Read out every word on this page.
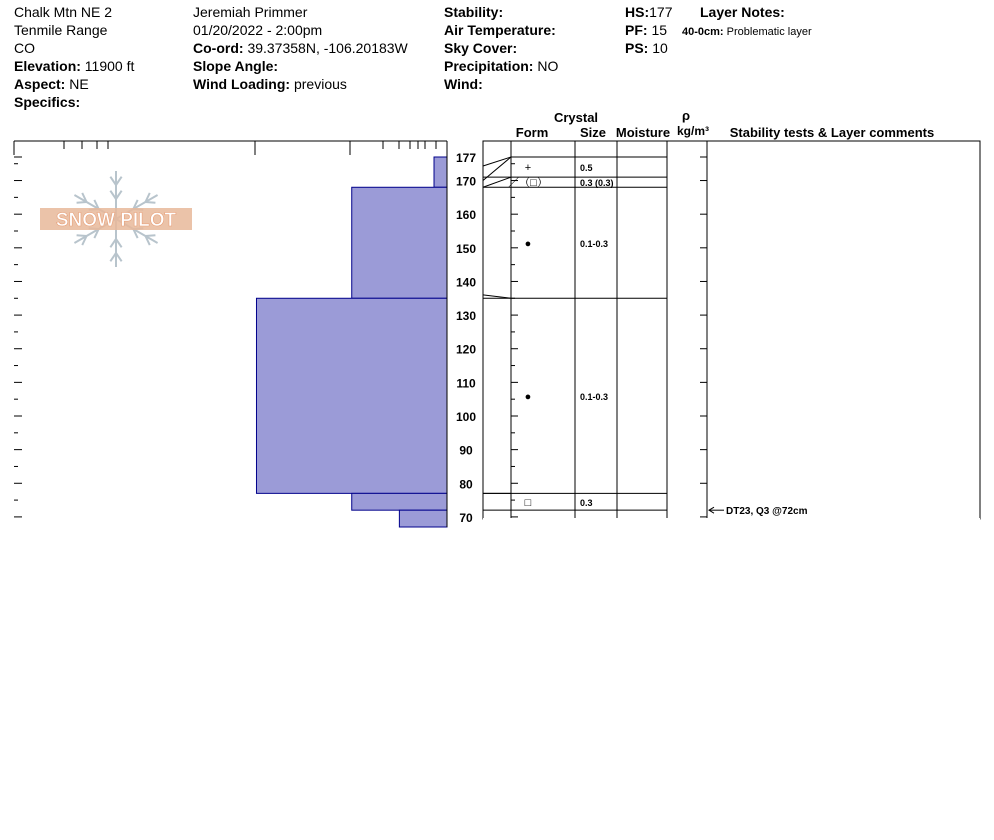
Chalk Mtn NE 2
Tenmile Range
CO
Elevation: 11900 ft
Aspect: NE
Specifics:
Jeremiah Primmer
01/20/2022 - 2:00pm
Co-ord: 39.37358N, -106.20183W
Slope Angle:
Wind Loading: previous
Stability:
Air Temperature:
Sky Cover:
Precipitation: NO
Wind:
HS:177
PF: 15
PS: 10
Layer Notes:
40-0cm: Problematic layer
SNOW PILOT
Crystal
Form Size Moisture
ρ
kg/m³ Stability tests & Layer comments
177
170
160
150
140
130
120
110
100
90
80
70
+	0.5
／（□）	0.3 (0.3)
●	0.1-0.3
●	0.1-0.3
□	0.3
DT23, Q3 @72cm
